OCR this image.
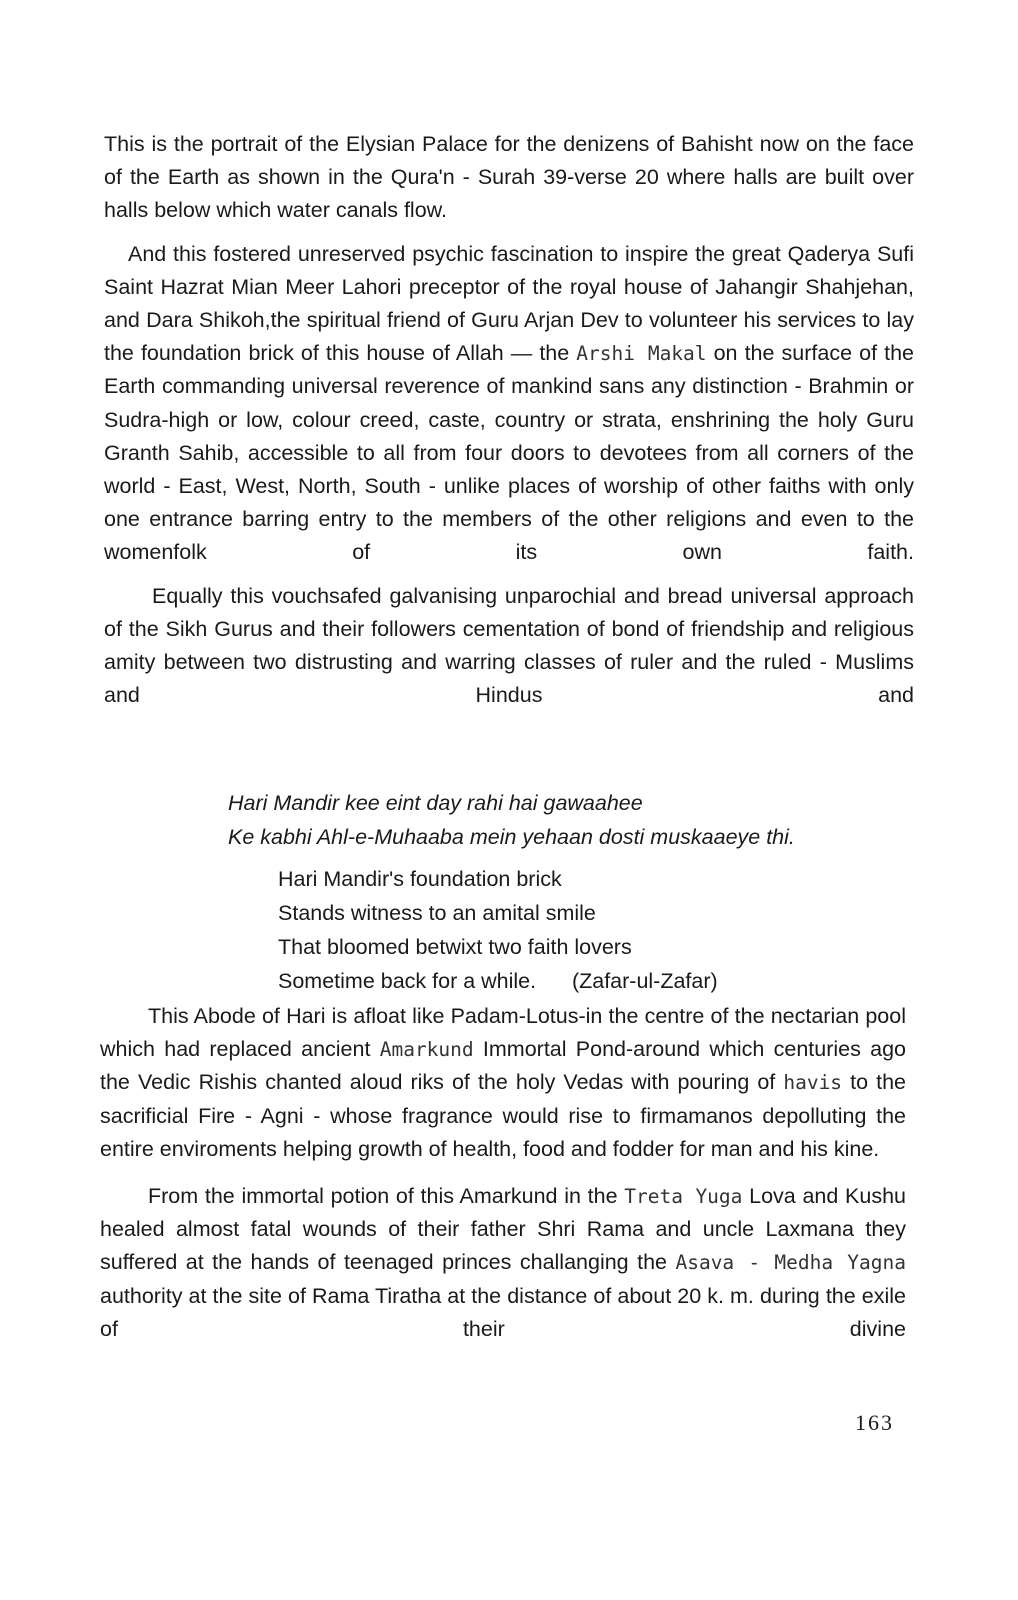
This is the portrait of the Elysian Palace for the denizens of Bahisht now on the face of the Earth as shown in the Qura'n - Surah 39-verse 20 where halls are built over halls below which water canals flow.

And this fostered unreserved psychic fascination to inspire the great Qaderya Sufi Saint Hazrat Mian Meer Lahori preceptor of the royal house of Jahangir Shahjehan, and Dara Shikoh,the spiritual friend of Guru Arjan Dev to volunteer his services to lay the foundation brick of this house of Allah — the Arshi Makal on the surface of the Earth commanding universal reverence of mankind sans any distinction - Brahmin or Sudra-high or low, colour creed, caste, country or strata, enshrining the holy Guru Granth Sahib, accessible to all from four doors to devotees from all corners of the world - East, West, North, South - unlike places of worship of other faiths with only one entrance barring entry to the members of the other religions and even to the womenfolk of its own faith.

Equally this vouchsafed galvanising unparochial and bread universal approach of the Sikh Gurus and their followers cementation of bond of friendship and religious amity between two distrusting and warring classes of ruler and the ruled - Muslims and Hindus and

Hari Mandir kee eint day rahi hai gawaahee

Ke kabhi Ahl-e-Muhaaba mein yehaan dosti muskaaeye thi.

Hari Mandir's foundation brick

Stands witness to an amital smile

That bloomed betwixt two faith lovers

Sometime back for a while.      (Zafar-ul-Zafar)

This Abode of Hari is afloat like Padam-Lotus-in the centre of the nectarian pool which had replaced ancient Amarkund Immortal Pond-around which centuries ago the Vedic Rishis chanted aloud riks of the holy Vedas with pouring of havis to the sacrificial Fire - Agni - whose fragrance would rise to firmamanos depolluting the entire enviroments helping growth of health, food and fodder for man and his kine.

From the immortal potion of this Amarkund in the Treta Yuga Lova and Kushu healed almost fatal wounds of their father Shri Rama and uncle Laxmana they suffered at the hands of teenaged princes challanging the Asava - Medha Yagna authority at the site of Rama Tiratha at the distance of about 20 k. m. during the exile of their divine

163
